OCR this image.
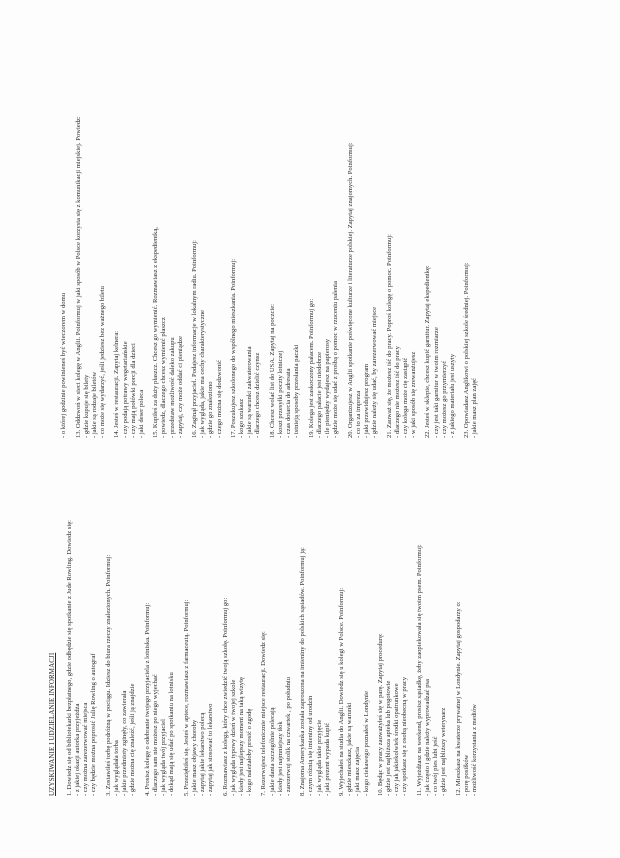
UZYSKIWANIE I UDZIELANIE INFORMACJI 1. Dowiedz się od bibliotekarki bezpłatnego, gdzie odbędzie się spotkanie z Jude Rowling. Dowiedz się: - z jakiej okazji autorka przyjeżdża - czy można zarezerwować miejsca - czy będzie można poprosić Julię Rowling o autograf 3. Zostawiłeś torbę podróżną w pociągu. Idziesz do biura rzeczy znalezionych. Poinformuj: - jak wyglądała torba - jakie przedmioty zginęły, co zawierała - gdzie można cię znaleźć, jeśli ją znajdzie 4. Prosisz kolegę o odebranie twojego przyjaciela z lotniska. Poinformuj: - dlaczego sam nie możesz po niego wyjechać - jak wygląda twój przyjaciel - dokąd mają się udać po spotkaniu na lotnisku 5. Przeziębiłeś się. Jesteś w aptece, rozmawiasz z farmaceutą. Poinformuj: - jakie masz objawy choroby - zapytaj jakie lekarstwo polecą - zapytaj jak stosować to lekarstwo 6. Rozmawiasz z kolegą, który chce zwiedzić twoją szkołę. Poinformuj go: - jak wygląda typowy dzień w twojej szkole - kiedy jest najlepszy moment na taką wizytę - kogo należałoby prosić o zgodę 7. Rezerwujesz telefonicznie miejsce restauracji. Dowiedz się: - jakie dania szczególnie polecają - kiedy jest najmniejszy tłok - zarezerwuj stolik na czwartek , po południu 8. Znajoma Amerykanka została zaproszona na imieniny do polskich sąsiadów. Poinformuj ją: - czym różnią się imieniny od urodzin - jak wygląda takie przyjęcie - jaki prezent wypada kupić 9. Wyjechałeś na studia do Anglii. Dowiedz się u kolegi w Polsce. Poinformuj: - gdzie mieszkasz, jakie są warunki - jaki masz zajęcia - kogo ciekawego poznałeś w Londynie 10. Będąc w pracy zauważyłeś się w parę. Zapytaj procedurę: - gdzie jest najbliższa apteka lub pogotowie - czy jak jakiekolwiek środki opatrunkowe - czy spotkasz się z osobą nieobecną w pracy 11. Wyjeżdżasz na weekend, prosisz sąsiadkę, żeby zaopiekowała się twoim psem. Poinformuj: - jak często i gdzie należy wyprowadzać psa - co twój pies lubi jeść - gdzie jest najbliższy weterynarz 12. Mieszkasz na kwaterze prywatnej w Londynie. Zapytaj gospodarzy o: - porę posiłków - możliwość korzystania z mediów

- o której godzinie powinieneś być wieczorem w domu 13. Oddzwoń w sieci kolegę w Anglii. Poinformuj w jaki sposób w Polsce korzysta się z komunikacji miejskiej. Powiedz: - gdzie kupuje się bilety - jakie są rodzaje biletów - co może się wydarzyć, jeśli jedziesz bez ważnego biletu 14. Jesteś w restauracji. Zapytaj kelnera: - czy podają potrawy wegetariańskie - czy mają połówki porcji dla dzieci - jaki deser poleca 15. Kupiłeś za duży płaszcz. Chcesz go wymienić. Rozmawiasz z ekspedientką, - powiedz, dlaczego chcesz wymienić płaszcz - przedstaw możliwość daleko zakupu - zapytaj, czy może oddać ci pieniądze 16. Zaginął przyjaciel. Podajesz informacje w lokalnym radiu. Poinformuj: - jak wygląda, jakie ma cechy charakterystyczne - gdzie go znaleziono - czego można się dodzwonić 17. Poszukujesz szkolonego do wspólnego mieszkania. Poinformuj: - kogo szukasz - jakie są warunki zakwaterowania - dlaczego chcesz dzielić czynsz 18. Chcesz wolać list do USA. Zapytaj na poczcie: - koszt przesyłki poczty lotniczej - czas dotarcia do adresata - istnieją sposoby przesłania paczki 19. Kolega jest zaskoczony pałacem. Poinformuj go: - dlaczego pałacie jest niedobrze - ile pieniędzy wydajesz na papierosy - gdzie może się udać z prośbą o pomoc w rzuceniu palenia 20. Organizujesz w Anglii spotkanie poświęcone kulturze i literaturze polskiej. Zapytaj znajomych. Poinformuj: - co to za impreza - jaki przewidujesz program - gdzie należy się udać, by zarezerwować miejsce 21. Zauważ się, że możesz iść do pracy. Poproś kolegę o pomoc. Poinformuj: - dlaczego nie możesz iść do pracy - czy kolega może cię zastąpić - w jaki sposób się zrewanżujesz 22. Jesteś w sklepie, chcesz kupić garnitur. Zapytaj ekspedientkę: - czy jest taki garnitur w twoim rozmiarze - czy możesz go przymierzyć - z jakiego materiału jest uszyty 23. Opowiadasz Anglikowi o polskiej szkole średniej. Poinformuj: - jakie masz plan zajęć
